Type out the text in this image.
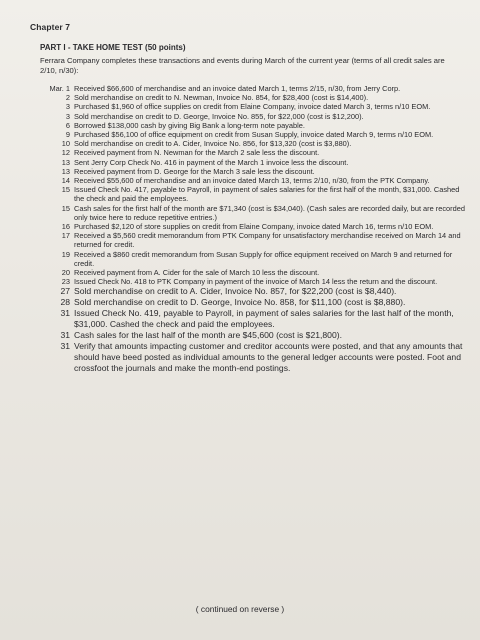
Chapter 7
PART I - TAKE HOME TEST (50 points)
Ferrara Company completes these transactions and events during March of the current year (terms of all credit sales are 2/10, n/30):
Mar. 1 Received $66,600 of merchandise and an invoice dated March 1, terms 2/15, n/30, from Jerry Corp.
2 Sold merchandise on credit to N. Newman, Invoice No. 854, for $28,400 (cost is $14,400).
3 Purchased $1,960 of office supplies on credit from Elaine Company, invoice dated March 3, terms n/10 EOM.
3 Sold merchandise on credit to D. George, Invoice No. 855, for $22,000 (cost is $12,200).
6 Borrowed $138,000 cash by giving Big Bank a long-term note payable.
9 Purchased $56,100 of office equipment on credit from Susan Supply, invoice dated March 9, terms n/10 EOM.
10 Sold merchandise on credit to A. Cider, Invoice No. 856, for $13,320 (cost is $3,880).
12 Received payment from N. Newman for the March 2 sale less the discount.
13 Sent Jerry Corp Check No. 416 in payment of the March 1 invoice less the discount.
13 Received payment from D. George for the March 3 sale less the discount.
14 Received $55,600 of merchandise and an invoice dated March 13, terms 2/10, n/30, from the PTK Company.
15 Issued Check No. 417, payable to Payroll, in payment of sales salaries for the first half of the month, $31,000. Cashed the check and paid the employees.
15 Cash sales for the first half of the month are $71,340 (cost is $34,040). (Cash sales are recorded daily, but are recorded only twice here to reduce repetitive entries.)
16 Purchased $2,120 of store supplies on credit from Elaine Company, invoice dated March 16, terms n/10 EOM.
17 Received a $5,560 credit memorandum from PTK Company for unsatisfactory merchandise received on March 14 and returned for credit.
19 Received a $860 credit memorandum from Susan Supply for office equipment received on March 9 and returned for credit.
20 Received payment from A. Cider for the sale of March 10 less the discount.
23 Issued Check No. 418 to PTK Company in payment of the invoice of March 14 less the return and the discount.
27 Sold merchandise on credit to A. Cider, Invoice No. 857, for $22,200 (cost is $8,440).
28 Sold merchandise on credit to D. George, Invoice No. 858, for $11,100 (cost is $8,880).
31 Issued Check No. 419, payable to Payroll, in payment of sales salaries for the last half of the month, $31,000. Cashed the check and paid the employees.
31 Cash sales for the last half of the month are $45,600 (cost is $21,800).
31 Verify that amounts impacting customer and creditor accounts were posted, and that any amounts that should have beed posted as individual amounts to the general ledger accounts were posted. Foot and crossfoot the journals and make the month-end postings.
( continued on reverse )
